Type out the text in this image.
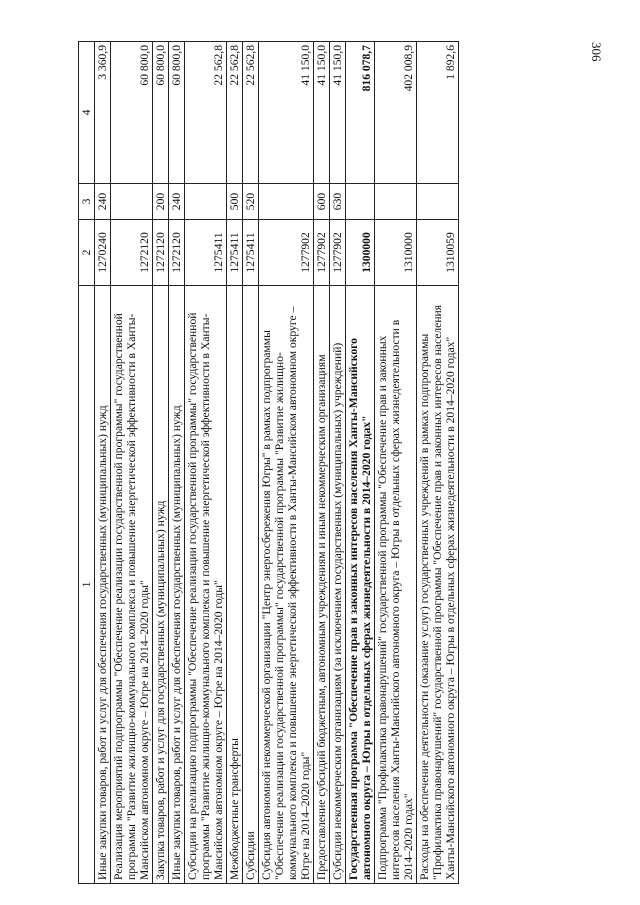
306
1	2	3	4
Иные закупки товаров, работ и услуг для обеспечения государственных (муниципальных) нужд	1270240	240	3 360,9
Реализация мероприятий подпрограммы "Обеспечение реализации государственной программы" государственной программы "Развитие жилищно-коммунального комплекса и повышение энергетической эффективности в Ханты-Мансийском автономном округе – Югре на 2014–2020 годы"	1272120		60 800,0
Закупка товаров, работ и услуг для государственных (муниципальных) нужд	1272120	200	60 800,0
Иные закупки товаров, работ и услуг для обеспечения государственных (муниципальных) нужд	1272120	240	60 800,0
Субсидии на реализацию подпрограммы "Обеспечение реализации государственной программы" государственной программы "Развитие жилищно-коммунального комплекса и повышение энергетической эффективности в Ханты-Мансийском автономном округе – Югре на 2014–2020 годы"	1275411		22 562,8
Межбюджетные трансферты	1275411	500	22 562,8
Субсидии	1275411	520	22 562,8
Субсидия автономной некоммерческой организации "Центр энергосбережения Югры" в рамках подпрограммы "Обеспечение реализации государственной программы" государственной программы "Развитие жилищно-коммунального комплекса и повышение энергетической эффективности в Ханты-Мансийском автономном округе – Югре на 2014–2020 годы"	1277902		41 150,0
Предоставление субсидий бюджетным, автономным учреждениям и иным некоммерческим организациям	1277902	600	41 150,0
Субсидии некоммерческим организациям (за исключением государственных (муниципальных) учреждений)	1277902	630	41 150,0
Государственная программа "Обеспечение прав и законных интересов населения Ханты-Мансийского автономного округа – Югры в отдельных сферах жизнедеятельности в 2014–2020 годах"	1300000		816 078,7
Подпрограмма "Профилактика правонарушений" государственной программы "Обеспечение прав и законных интересов населения Ханты-Мансийского автономного округа – Югры в отдельных сферах жизнедеятельности в 2014–2020 годах"	1310000		402 008,9
Расходы на обеспечение деятельности (оказание услуг) государственных учреждений в рамках подпрограммы "Профилактика правонарушений" государственной программы "Обеспечение прав и законных интересов населения Ханты-Мансийского автономного округа – Югры в отдельных сферах жизнедеятельности в 2014–2020 годах"	1310059		1 892,6
